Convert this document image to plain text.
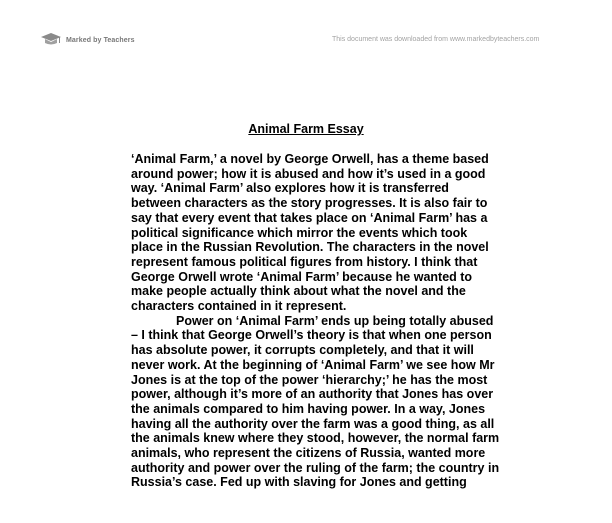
Marked by Teachers	This document was downloaded from www.markedbyteachers.com
Animal Farm Essay

‘Animal Farm,’ a novel by George Orwell, has a theme based around power; how it is abused and how it’s used in a good way. ‘Animal Farm’ also explores how it is transferred between characters as the story progresses. It is also fair to say that every event that takes place on ‘Animal Farm’ has a political significance which mirror the events which took place in the Russian Revolution. The characters in the novel represent famous political figures from history. I think that George Orwell wrote ‘Animal Farm’ because he wanted to make people actually think about what the novel and the characters contained in it represent.

Power on ‘Animal Farm’ ends up being totally abused – I think that George Orwell’s theory is that when one person has absolute power, it corrupts completely, and that it will never work. At the beginning of ‘Animal Farm’ we see how Mr Jones is at the top of the power ‘hierarchy;’ he has the most power, although it’s more of an authority that Jones has over the animals compared to him having power. In a way, Jones having all the authority over the farm was a good thing, as all the animals knew where they stood, however, the normal farm animals, who represent the citizens of Russia, wanted more authority and power over the ruling of the farm; the country in Russia’s case. Fed up with slaving for Jones and getting
